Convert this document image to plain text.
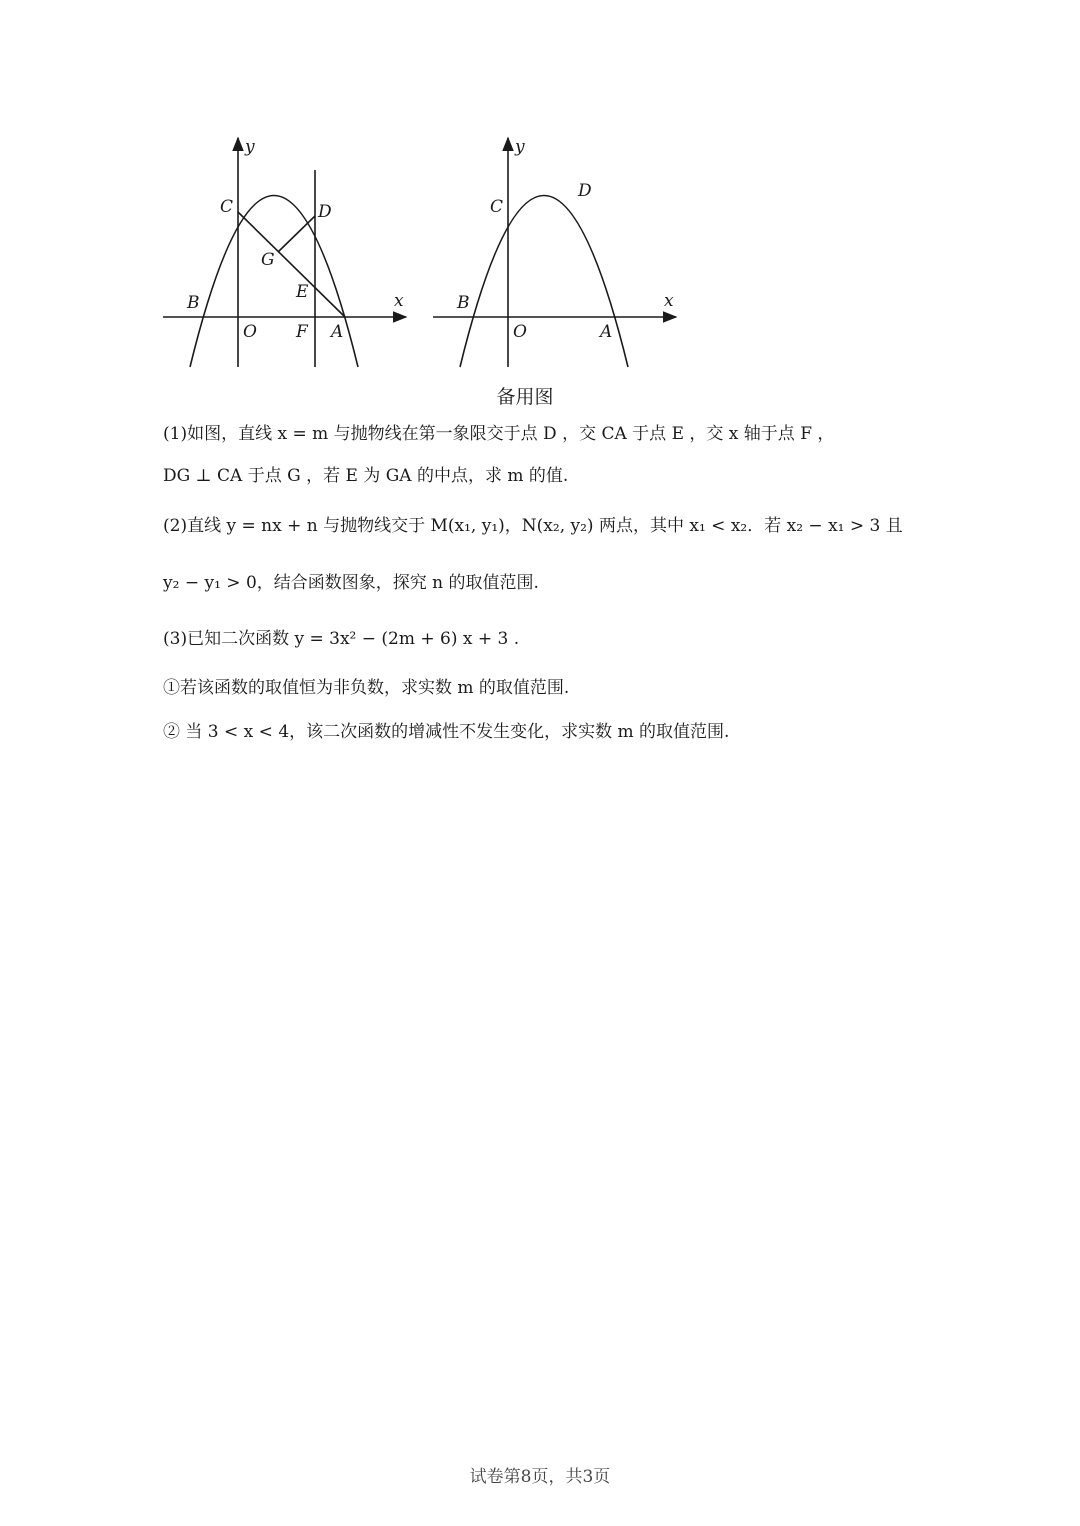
y
x
C	D
G
E
B
O F A
y
x
C
D
B
O	A
备用图
(1)如图，直线 x = m 与抛物线在第一象限交于点 D ，交 CA 于点 E ，交 x 轴于点 F ，
DG ⊥ CA 于点 G ，若 E 为 GA 的中点，求 m 的值.
(2)直线 y = nx + n 与抛物线交于 M(x₁, y₁)，N(x₂, y₂) 两点，其中 x₁ < x₂．若 x₂ − x₁ > 3 且
y₂ − y₁ > 0，结合函数图象，探究 n 的取值范围.
(3)已知二次函数 y = 3x² − (2m + 6) x + 3 .
①若该函数的取值恒为非负数，求实数 m 的取值范围.
② 当 3 < x < 4，该二次函数的增减性不发生变化，求实数 m 的取值范围.
试卷第8页，共3页
